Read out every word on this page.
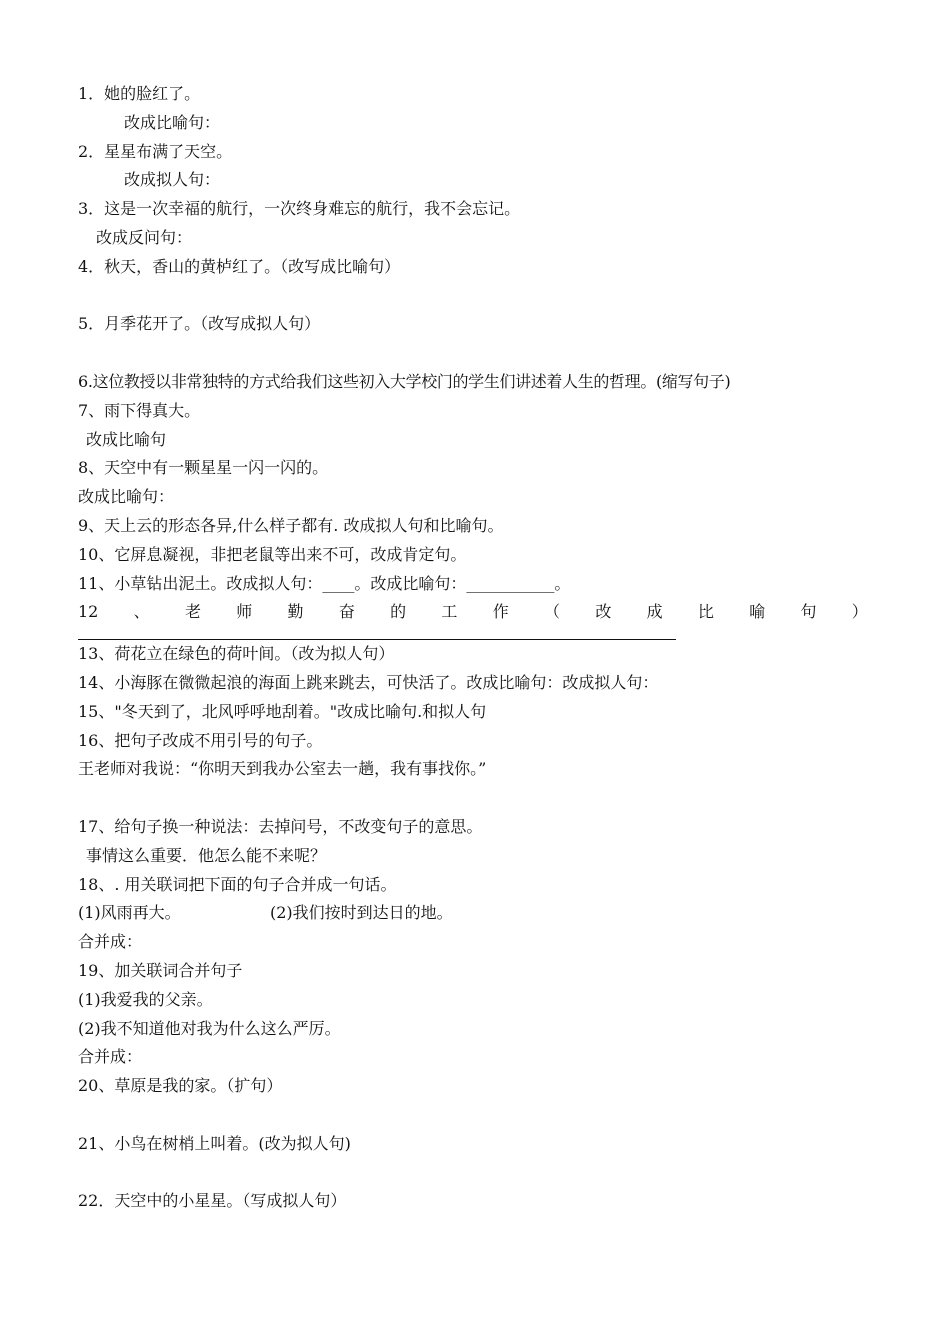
1．她的脸红了。
改成比喻句：
2．星星布满了天空。
改成拟人句：
3．这是一次幸福的航行，一次终身难忘的航行，我不会忘记。
改成反问句：
4．秋天，香山的黄栌红了。（改写成比喻句）
5．月季花开了。（改写成拟人句）
6.这位教授以非常独特的方式给我们这些初入大学校门的学生们讲述着人生的哲理。(缩写句子)
7、雨下得真大。
改成比喻句
8、天空中有一颗星星一闪一闪的。
改成比喻句：
9、天上云的形态各异,什么样子都有. 改成拟人句和比喻句。
10、它屏息凝视，非把老鼠等出来不可，改成肯定句。
11、小草钻出泥土。改成拟人句：____。改成比喻句：___________。
12 、 老 师 勤 奋 的 工 作 （ 改 成 比 喻 句 ）
13、荷花立在绿色的荷叶间。（改为拟人句）
14、小海豚在微微起浪的海面上跳来跳去，可快活了。改成比喻句：改成拟人句：
15、"冬天到了，北风呼呼地刮着。"改成比喻句.和拟人句
16、把句子改成不用引号的句子。
王老师对我说：“你明天到我办公室去一趟，我有事找你。”
17、给句子换一种说法：去掉问号，不改变句子的意思。
事情这么重要．他怎么能不来呢？
18、. 用关联词把下面的句子合并成一句话。
(1)风雨再大。	(2)我们按时到达日的地。
合并成：
19、加关联词合并句子
(1)我爱我的父亲。
(2)我不知道他对我为什么这么严厉。
合并成：
20、草原是我的家。（扩句）
21、小鸟在树梢上叫着。(改为拟人句)
22．天空中的小星星。（写成拟人句）
